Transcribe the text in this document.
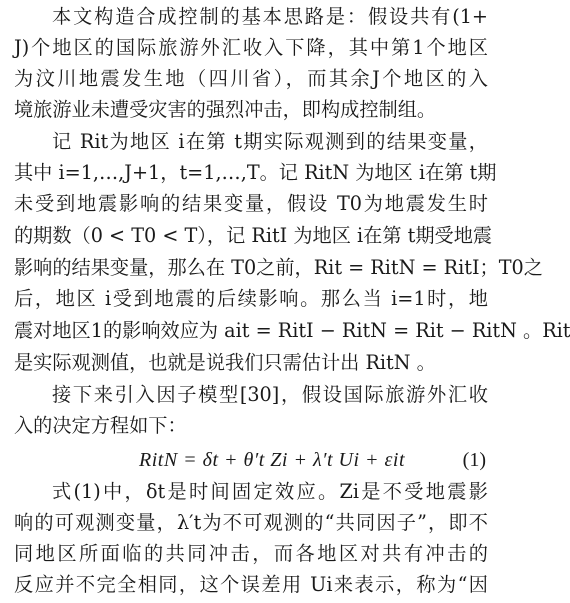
本文构造合成控制的基本思路是：假设共有(1+
J)个地区的国际旅游外汇收入下降，其中第1个地区
为汶川地震发生地（四川省），而其余J个地区的入
境旅游业未遭受灾害的强烈冲击，即构成控制组。
记 Rit为地区 i在第 t期实际观测到的结果变量，
其中 i=1,…,J+1，t=1,…,T。记 RitN 为地区 i在第 t期
未受到地震影响的结果变量，假设 T0为地震发生时
的期数（0 < T0 < T），记 RitI 为地区 i在第 t期受地震
影响的结果变量，那么在 T0之前，Rit = RitN = RitI；T0之
后，地区 i受到地震的后续影响。那么当 i=1时，地
震对地区1的影响效应为 ait = RitI − RitN = Rit − RitN 。Rit
是实际观测值，也就是说我们只需估计出 RitN 。
接下来引入因子模型[30]，假设国际旅游外汇收
入的决定方程如下：
RitN = δt + θ′t Zi + λ′t Ui + εit	(1)
式(1)中，δt是时间固定效应。Zi是不受地震影
响的可观测变量，λ′t为不可观测的“共同因子”，即不
同地区所面临的共同冲击，而各地区对共有冲击的
反应并不完全相同，这个误差用 Ui来表示，称为“因
